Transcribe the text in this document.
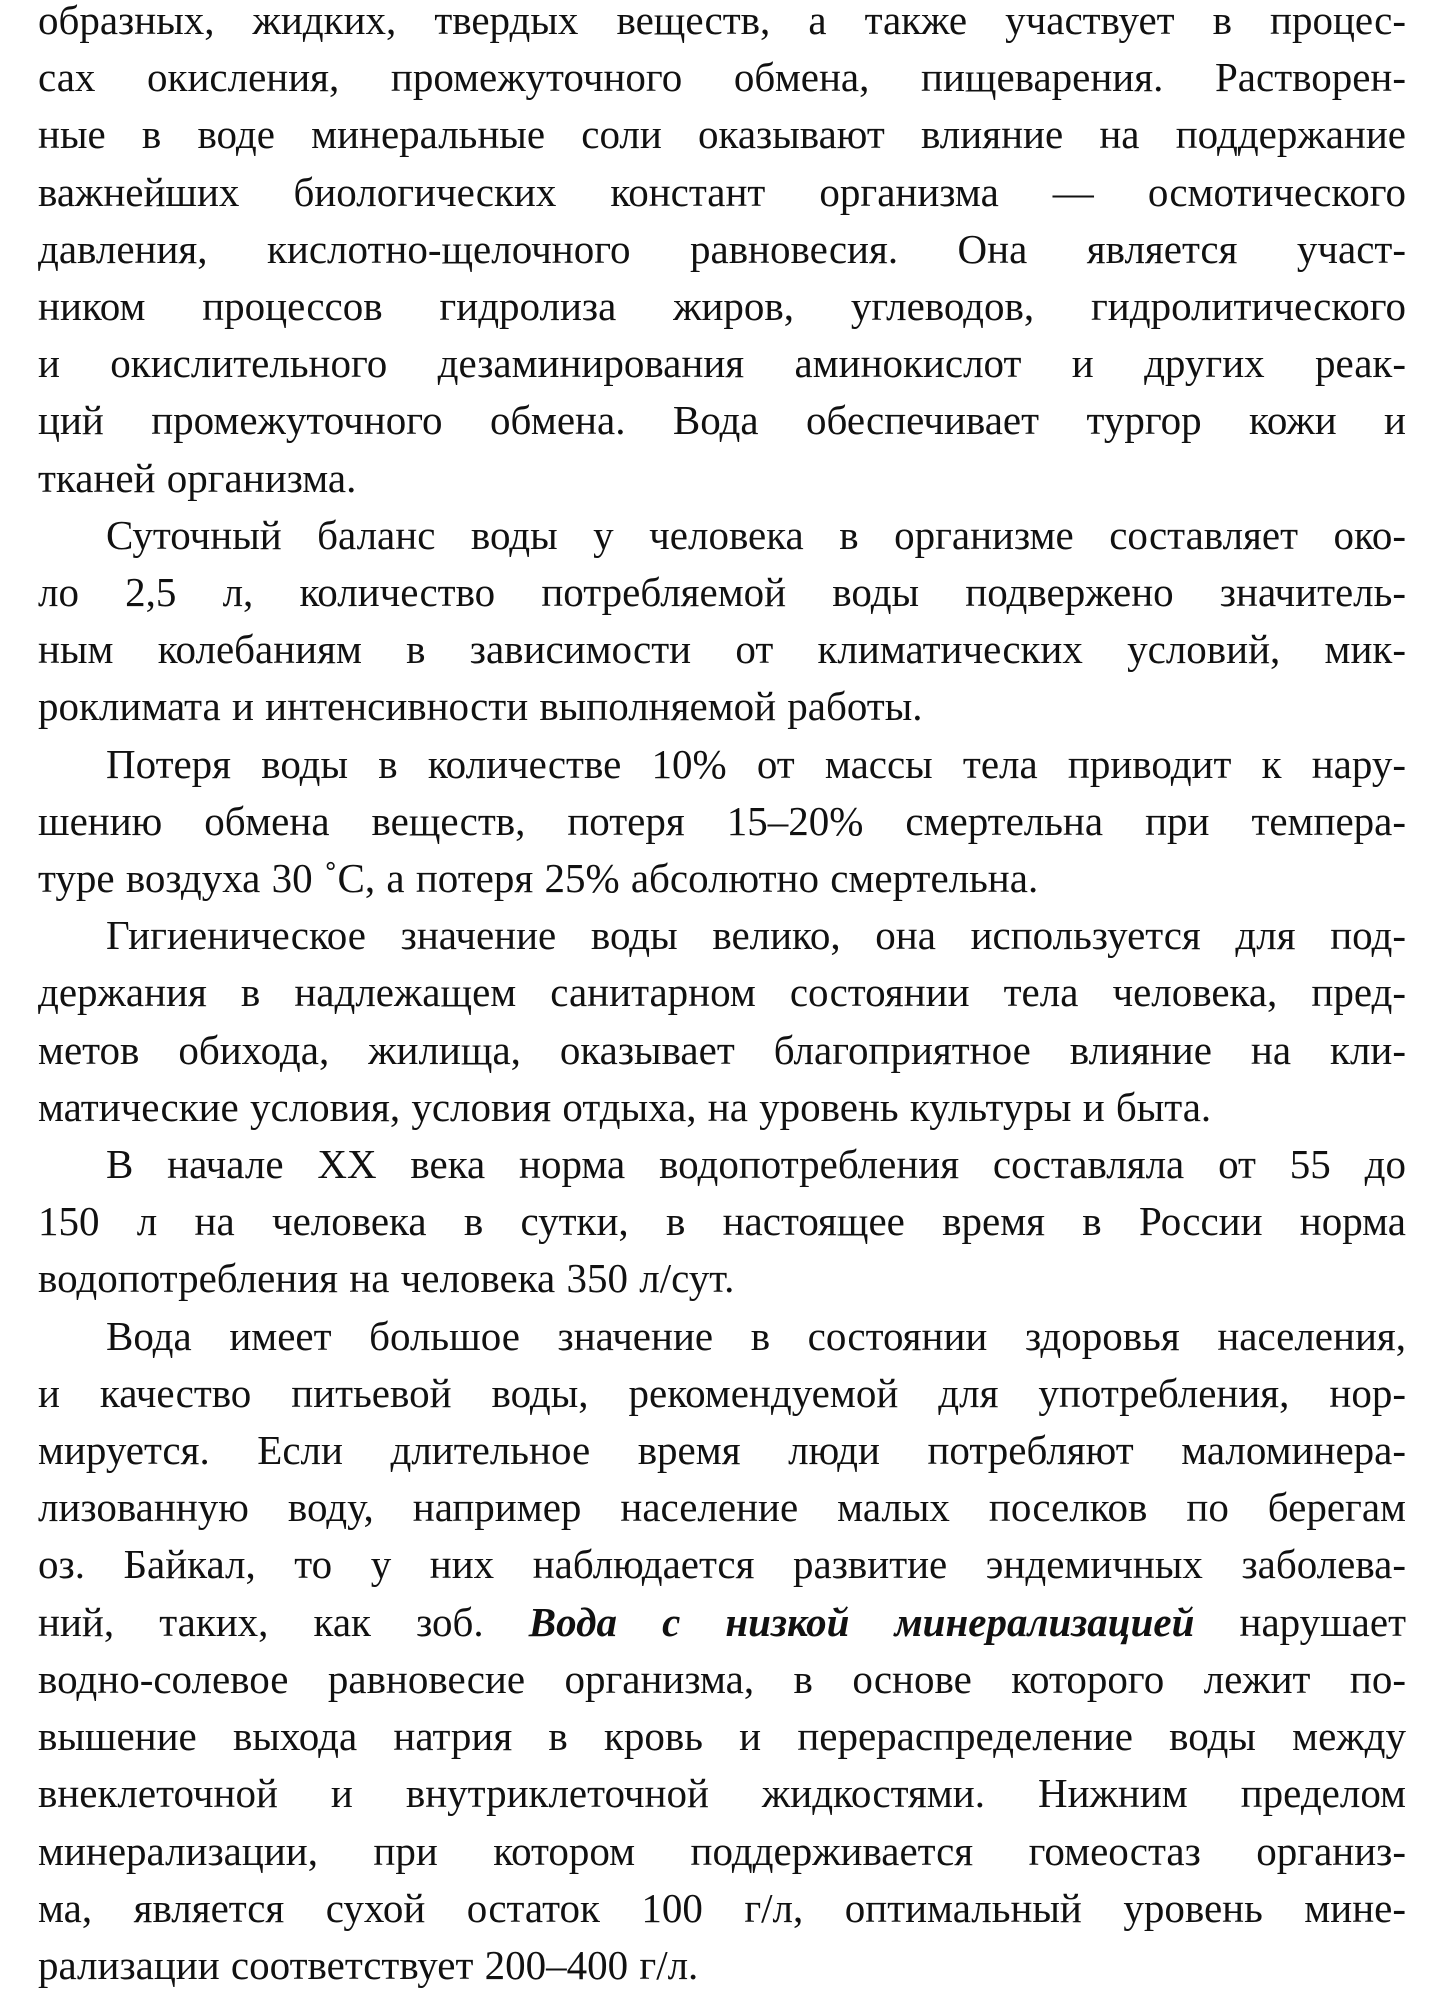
образных, жидких, твердых веществ, а также участвует в процес-
сах окисления, промежуточного обмена, пищеварения. Растворен-
ные в воде минеральные соли оказывают влияние на поддержание
важнейших биологических констант организма — осмотического
давления, кислотно-щелочного равновесия. Она является участ-
ником процессов гидролиза жиров, углеводов, гидролитического
и окислительного дезаминирования аминокислот и других реак-
ций промежуточного обмена. Вода обеспечивает тургор кожи и
тканей организма.
Суточный баланс воды у человека в организме составляет око-
ло 2,5 л, количество потребляемой воды подвержено значитель-
ным колебаниям в зависимости от климатических условий, мик-
роклимата и интенсивности выполняемой работы.
Потеря воды в количестве 10% от массы тела приводит к нару-
шению обмена веществ, потеря 15–20% смертельна при темпера-
туре воздуха 30 ˚С, а потеря 25% абсолютно смертельна.
Гигиеническое значение воды велико, она используется для под-
держания в надлежащем санитарном состоянии тела человека, пред-
метов обихода, жилища, оказывает благоприятное влияние на кли-
матические условия, условия отдыха, на уровень культуры и быта.
В начале XX века норма водопотребления составляла от 55 до
150 л на человека в сутки, в настоящее время в России норма
водопотребления на человека 350 л/сут.
Вода имеет большое значение в состоянии здоровья населения,
и качество питьевой воды, рекомендуемой для употребления, нор-
мируется. Если длительное время люди потребляют маломинера-
лизованную воду, например население малых поселков по берегам
оз. Байкал, то у них наблюдается развитие эндемичных заболева-
ний, таких, как зоб. Вода с низкой минерализацией нарушает
водно-солевое равновесие организма, в основе которого лежит по-
вышение выхода натрия в кровь и перераспределение воды между
внеклеточной и внутриклеточной жидкостями. Нижним пределом
минерализации, при котором поддерживается гомеостаз организ-
ма, является сухой остаток 100 г/л, оптимальный уровень мине-
рализации соответствует 200–400 г/л.
